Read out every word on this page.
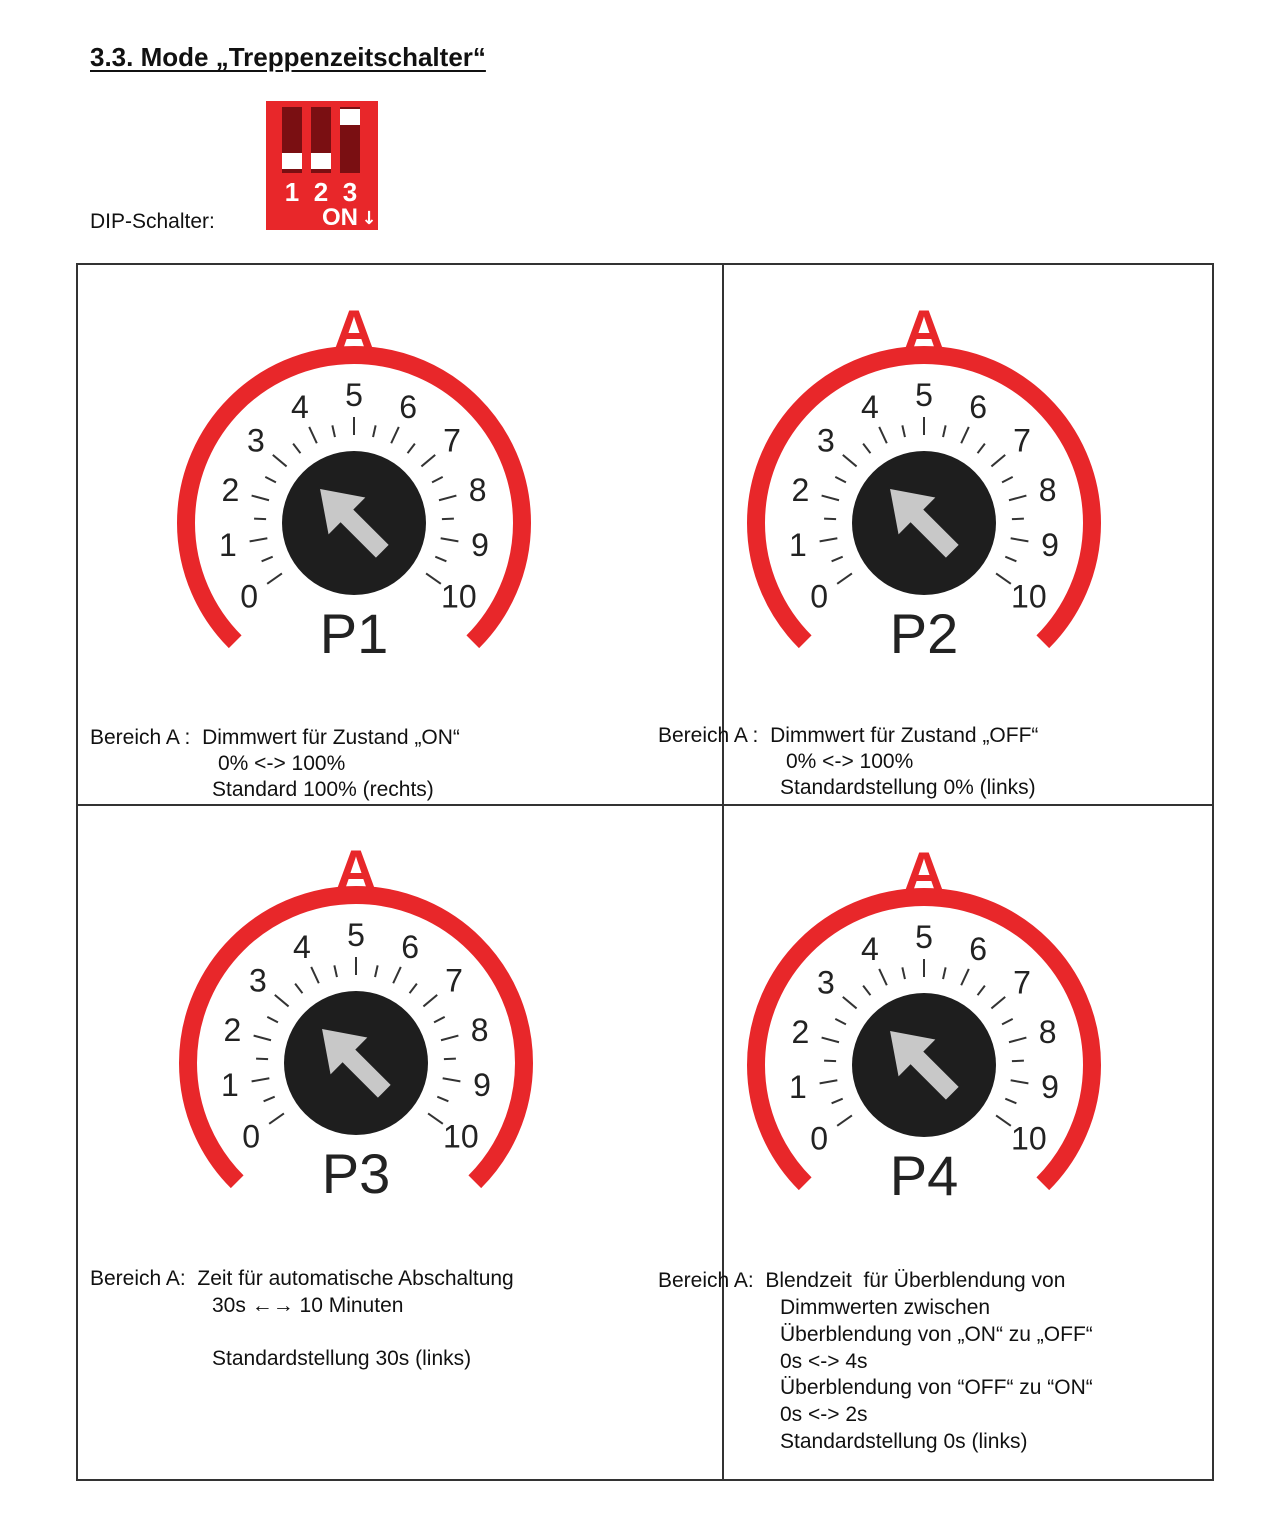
3.3. Mode „Treppenzeitschalter“
DIP-Schalter:
1 2 3
ON ↓
A
0
1
2
3
4 5 6
7
8
9
10
P1

Bereich A :  Dimmwert für Zustand „ON“

0% <-> 100%

Standard 100% (rechts)

A
0
1
2
3
4 5 6
7
8
9
10
P2

Bereich A :  Dimmwert für Zustand „OFF“

0% <-> 100%

Standardstellung 0% (links)

A
0
1
2
3
4 5 6
7
8
9
10
P3

Bereich A:  Zeit für automatische Abschaltung

30s ←→ 10 Minuten

Standardstellung 30s (links)

A
0
1
2
3
4 5 6
7
8
9
10
P4

Bereich A:  Blendzeit  für Überblendung von

Dimmwerten zwischen

Überblendung von „ON“ zu „OFF“

0s <-> 4s

Überblendung von “OFF“ zu “ON“

0s <-> 2s

Standardstellung 0s (links)
